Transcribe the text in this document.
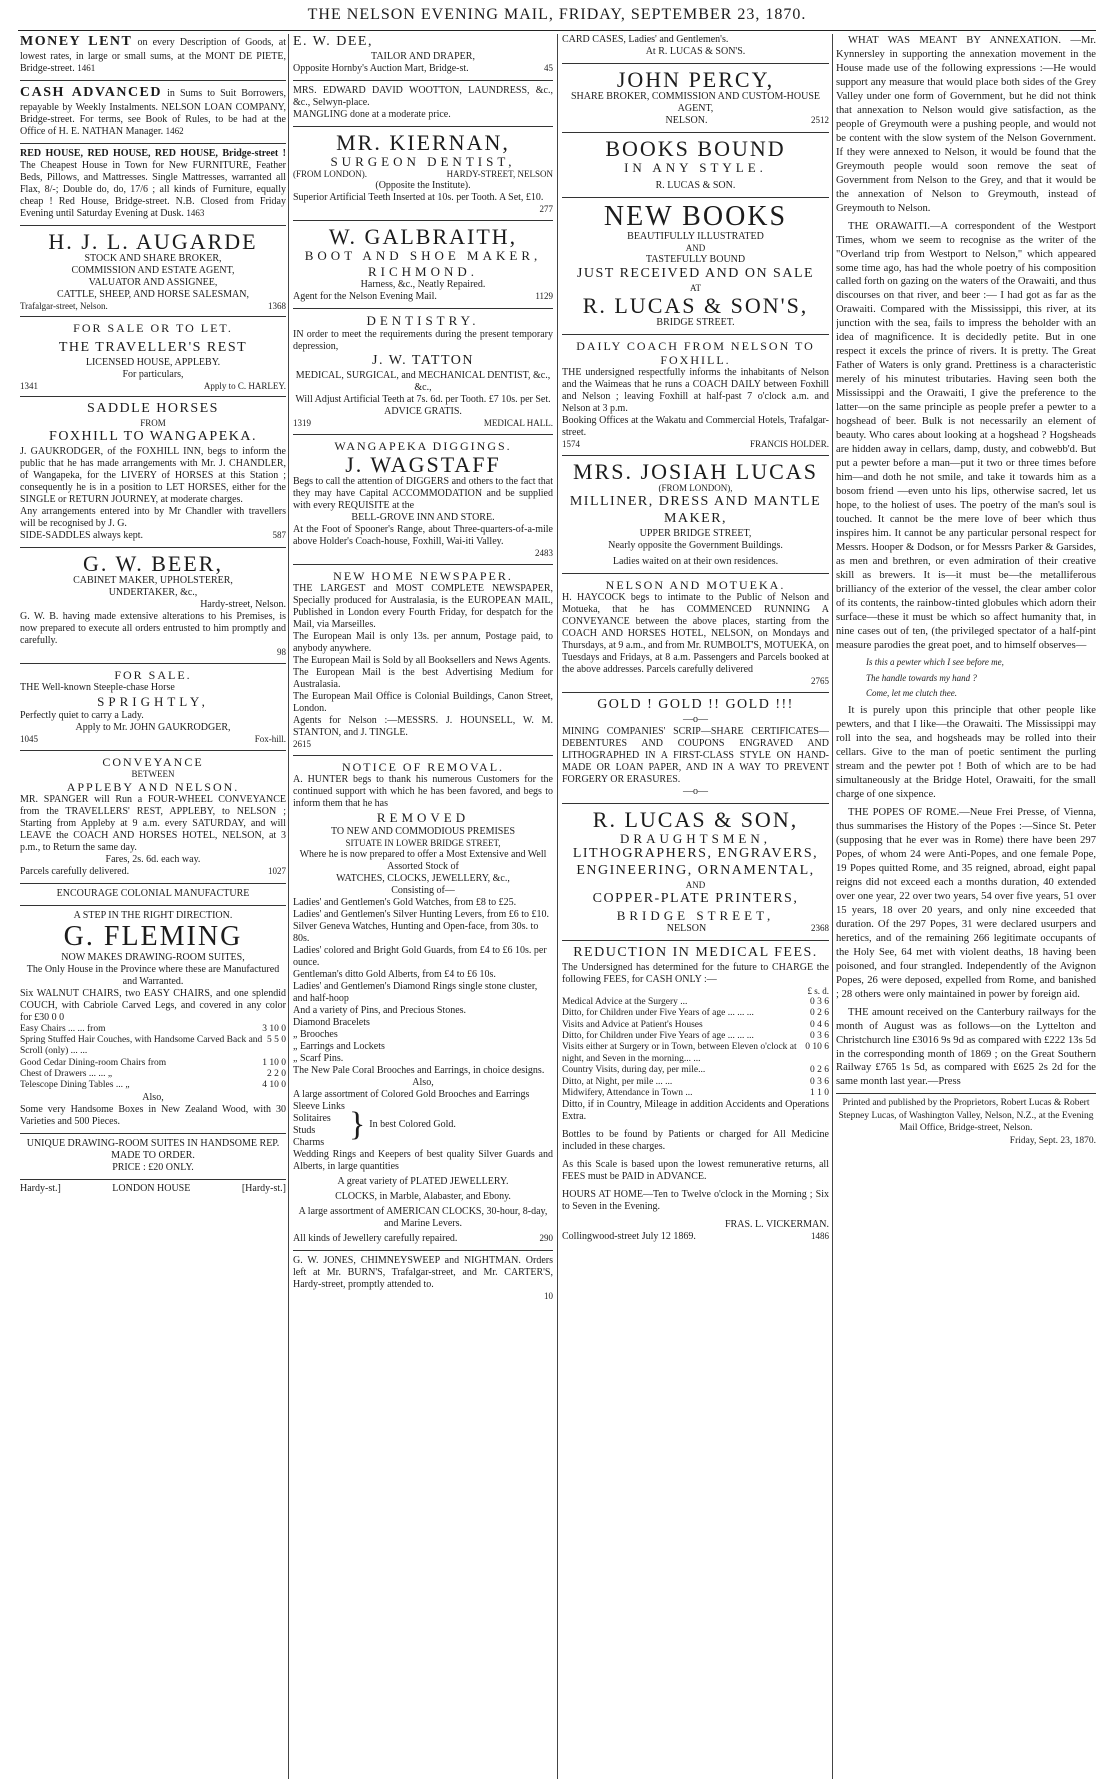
THE NELSON EVENING MAIL, FRIDAY, SEPTEMBER 23, 1870.

MONEY LENT on every Description of Goods, at lowest rates, in large or small sums, at the MONT DE PIETE, Bridge-street. 1461

CASH ADVANCED in Sums to Suit Borrowers, repayable by Weekly Instalments. NELSON LOAN COMPANY, Bridge-street. For terms, see Book of Rules, to be had at the Office of H. E. NATHAN Manager. 1462

RED HOUSE, RED HOUSE, RED HOUSE, Bridge-street ! The Cheapest House in Town for New FURNITURE, Feather Beds, Pillows, and Mattresses. Single Mattresses, warranted all Flax, 8/-; Double do, do, 17/6 ; all kinds of Furniture, equally cheap ! Red House, Bridge-street. N.B. Closed from Friday Evening until Saturday Evening at Dusk. 1463

H. J. L. AUGARDE
STOCK AND SHARE BROKER,
COMMISSION AND ESTATE AGENT,
VALUATOR AND ASSIGNEE,
CATTLE, SHEEP, AND HORSE SALESMAN,
Trafalgar-street, Nelson.	1368
FOR SALE OR TO LET.
THE TRAVELLER'S REST
LICENSED HOUSE, APPLEBY.
For particulars,
1341	Apply to C. HARLEY.
SADDLE HORSES
FROM
FOXHILL TO WANGAPEKA.

J. GAUKRODGER, of the FOXHILL INN, begs to inform the public that he has made arrangements with Mr. J. CHANDLER, of Wangapeka, for the LIVERY of HORSES at this Station ; consequently he is in a position to LET HORSES, either for the SINGLE or RETURN JOURNEY, at moderate charges.

Any arrangements entered into by Mr Chandler with travellers will be recognised by J. G.

SIDE-SADDLES always kept.	587
G. W. BEER,
CABINET MAKER, UPHOLSTERER,
UNDERTAKER, &c.,
Hardy-street, Nelson.

G. W. B. having made extensive alterations to his Premises, is now prepared to execute all orders entrusted to him promptly and carefully.

98
FOR SALE.

THE Well-known Steeple-chase Horse

SPRIGHTLY,

Perfectly quiet to carry a Lady.

Apply to Mr. JOHN GAUKRODGER,
1045	Fox-hill.
CONVEYANCE
BETWEEN
APPLEBY AND NELSON.

MR. SPANGER will Run a FOUR-WHEEL CONVEYANCE from the TRAVELLERS' REST, APPLEBY, to NELSON ; Starting from Appleby at 9 a.m. every SATURDAY, and will LEAVE the COACH AND HORSES HOTEL, NELSON, at 3 p.m., to Return the same day.

Fares, 2s. 6d. each way.
Parcels carefully delivered.	1027
ENCOURAGE COLONIAL MANUFACTURE
A STEP IN THE RIGHT DIRECTION.
G. FLEMING
NOW MAKES DRAWING-ROOM SUITES,

The Only House in the Province where these are Manufactured and Warranted.

Six WALNUT CHAIRS, two EASY CHAIRS, and one splendid COUCH, with Cabriole Carved Legs, and covered in any color for £30 0 0

Easy Chairs ... ... from	3 10 0
Spring Stuffed Hair Couches, with Handsome Carved Back and Scroll (only) ... ...
5 5 0
Good Cedar Dining-room Chairs from	1 10 0
Chest of Drawers ... ... „	2 2 0
Telescope Dining Tables ... „	4 10 0
Also,

Some very Handsome Boxes in New Zealand Wood, with 30 Varieties and 500 Pieces.

UNIQUE DRAWING-ROOM SUITES IN HANDSOME REP. MADE TO ORDER.
PRICE : £20 ONLY.
Hardy-st.]	LONDON HOUSE	[Hardy-st.]
E. W. DEE,
TAILOR AND DRAPER,
Opposite Hornby's Auction Mart, Bridge-st.	45

MRS. EDWARD DAVID WOOTTON, LAUNDRESS, &c., &c., Selwyn-place.

MANGLING done at a moderate price.

MR. KIERNAN,
SURGEON DENTIST,
(FROM LONDON).	HARDY-STREET, NELSON
(Opposite the Institute).

Superior Artificial Teeth Inserted at 10s. per Tooth. A Set, £10.

277
W. GALBRAITH,
BOOT AND SHOE MAKER,
RICHMOND.
Harness, &c., Neatly Repaired.
Agent for the Nelson Evening Mail.	1129
DENTISTRY.

IN order to meet the requirements during the present temporary depression,

J. W. TATTON

MEDICAL, SURGICAL, and MECHANICAL DENTIST, &c., &c.,

Will Adjust Artificial Teeth at 7s. 6d. per Tooth. £7 10s. per Set.

ADVICE GRATIS.
1319	MEDICAL HALL.
WANGAPEKA DIGGINGS.
J. WAGSTAFF

Begs to call the attention of DIGGERS and others to the fact that they may have Capital ACCOMMODATION and be supplied with every REQUISITE at the

BELL-GROVE INN AND STORE.

At the Foot of Spooner's Range, about Three-quarters-of-a-mile above Holder's Coach-house, Foxhill, Wai-iti Valley.

2483
NEW HOME NEWSPAPER.

THE LARGEST and MOST COMPLETE NEWSPAPER, Specially produced for Australasia, is the EUROPEAN MAIL, Published in London every Fourth Friday, for despatch for the Mail, via Marseilles.

The European Mail is only 13s. per annum, Postage paid, to anybody anywhere.

The European Mail is Sold by all Booksellers and News Agents.

The European Mail is the best Advertising Medium for Australasia.

The European Mail Office is Colonial Buildings, Canon Street, London.

Agents for Nelson :—MESSRS. J. HOUNSELL, W. M. STANTON, and J. TINGLE.

2615
NOTICE OF REMOVAL.

A. HUNTER begs to thank his numerous Customers for the continued support with which he has been favored, and begs to inform them that he has

REMOVED
TO NEW AND COMMODIOUS PREMISES
SITUATE IN LOWER BRIDGE STREET,

Where he is now prepared to offer a Most Extensive and Well Assorted Stock of

WATCHES, CLOCKS, JEWELLERY, &c.,
Consisting of—
Ladies' and Gentlemen's Gold Watches, from £8 to £25.
Ladies' and Gentlemen's Silver Hunting Levers, from £6 to £10.
Silver Geneva Watches, Hunting and Open-face, from 30s. to 80s.
Ladies' colored and Bright Gold Guards, from £4 to £6 10s. per ounce.
Gentleman's ditto Gold Alberts, from £4 to £6 10s.
Ladies' and Gentlemen's Diamond Rings single stone cluster, and half-hoop
And a variety of Pins, and Precious Stones.
Diamond Bracelets
„ Brooches
„ Earrings and Lockets
„ Scarf Pins.
The New Pale Coral Brooches and Earrings, in choice designs.
Also,

A large assortment of Colored Gold Brooches and Earrings

Sleeve Links
Solitaires
Studs
Charms } In best Colored Gold.

Wedding Rings and Keepers of best quality Silver Guards and Alberts, in large quantities

A great variety of PLATED JEWELLERY.

CLOCKS, in Marble, Alabaster, and Ebony.

A large assortment of AMERICAN CLOCKS, 30-hour, 8-day, and Marine Levers.

All kinds of Jewellery carefully repaired.	290

G. W. JONES, CHIMNEYSWEEP and NIGHTMAN. Orders left at Mr. BURN'S, Trafalgar-street, and Mr. CARTER'S, Hardy-street, promptly attended to.

10

CARD CASES, Ladies' and Gentlemen's.

At R. LUCAS & SON'S.
JOHN PERCY,
SHARE BROKER, COMMISSION AND CUSTOM-HOUSE AGENT,
NELSON.	2512
BOOKS BOUND
IN ANY STYLE.
R. LUCAS & SON.
NEW BOOKS
BEAUTIFULLY ILLUSTRATED
AND
TASTEFULLY BOUND
JUST RECEIVED AND ON SALE
AT
R. LUCAS & SON'S,
BRIDGE STREET.
DAILY COACH FROM NELSON TO FOXHILL.

THE undersigned respectfully informs the inhabitants of Nelson and the Waimeas that he runs a COACH DAILY between Foxhill and Nelson ; leaving Foxhill at half-past 7 o'clock a.m. and Nelson at 3 p.m.

Booking Offices at the Wakatu and Commercial Hotels, Trafalgar-street.

1574	FRANCIS HOLDER.
MRS. JOSIAH LUCAS
(FROM LONDON),
MILLINER, DRESS AND MANTLE MAKER,
UPPER BRIDGE STREET,
Nearly opposite the Government Buildings.
Ladies waited on at their own residences.
NELSON AND MOTUEKA.

H. HAYCOCK begs to intimate to the Public of Nelson and Motueka, that he has COMMENCED RUNNING A CONVEYANCE between the above places, starting from the COACH AND HORSES HOTEL, NELSON, on Mondays and Thursdays, at 9 a.m., and from Mr. RUMBOLT'S, MOTUEKA, on Tuesdays and Fridays, at 8 a.m. Passengers and Parcels booked at the above addresses. Parcels carefully delivered

2765
GOLD ! GOLD !! GOLD !!!
—o—

MINING COMPANIES' SCRIP—SHARE CERTIFICATES—DEBENTURES AND COUPONS ENGRAVED AND LITHOGRAPHED IN A FIRST-CLASS STYLE ON HAND-MADE OR LOAN PAPER, AND IN A WAY TO PREVENT FORGERY OR ERASURES.

—o—
R. LUCAS & SON,
DRAUGHTSMEN,
LITHOGRAPHERS, ENGRAVERS,
ENGINEERING, ORNAMENTAL,
AND
COPPER-PLATE PRINTERS,
BRIDGE STREET,
NELSON	2368
REDUCTION IN MEDICAL FEES.

The Undersigned has determined for the future to CHARGE the following FEES, for CASH ONLY :—

£ s. d.
Medical Advice at the Surgery ...	0 3 6
Ditto, for Children under Five Years of age ... ... ...	0 2 6
Visits and Advice at Patient's Houses	0 4 6
Ditto, for Children under Five Years of age ... ... ...	0 3 6
Visits either at Surgery or in Town, between Eleven o'clock at night, and Seven in the morning... ...
0 10 6
Country Visits, during day, per mile...	0 2 6
Ditto, at Night, per mile ... ...	0 3 6
Midwifery, Attendance in Town ...	1 1 0

Ditto, if in Country, Mileage in addition Accidents and Operations Extra.

Bottles to be found by Patients or charged for All Medicine included in these charges.

As this Scale is based upon the lowest remunerative returns, all FEES must be PAID in ADVANCE.

HOURS AT HOME—Ten to Twelve o'clock in the Morning ; Six to Seven in the Evening.

FRAS. L. VICKERMAN.
Collingwood-street July 12 1869.	1486

WHAT WAS MEANT BY ANNEXATION. —Mr. Kynnersley in supporting the annexation movement in the House made use of the following expressions :—He would support any measure that would place both sides of the Grey Valley under one form of Government, but he did not think that annexation to Nelson would give satisfaction, as the people of Greymouth were a pushing people, and would not be content with the slow system of the Nelson Government. If they were annexed to Nelson, it would be found that the Greymouth people would soon remove the seat of Government from Nelson to the Grey, and that it would be the annexation of Nelson to Greymouth, instead of Greymouth to Nelson.

THE ORAWAITI.—A correspondent of the Westport Times, whom we seem to recognise as the writer of the "Overland trip from Westport to Nelson," which appeared some time ago, has had the whole poetry of his composition called forth on gazing on the waters of the Orawaiti, and thus discourses on that river, and beer :— I had got as far as the Orawaiti. Compared with the Mississippi, this river, at its junction with the sea, fails to impress the beholder with an idea of magnificence. It is decidedly petite. But in one respect it excels the prince of rivers. It is pretty. The Great Father of Waters is only grand. Prettiness is a characteristic merely of his minutest tributaries. Having seen both the Mississippi and the Orawaiti, I give the preference to the latter—on the same principle as people prefer a pewter to a hogshead of beer. Bulk is not necessarily an element of beauty. Who cares about looking at a hogshead ? Hogsheads are hidden away in cellars, damp, dusty, and cobwebb'd. But put a pewter before a man—put it two or three times before him—and doth he not smile, and take it towards him as a bosom friend —even unto his lips, otherwise sacred, let us hope, to the holiest of uses. The poetry of the man's soul is touched. It cannot be the mere love of beer which thus inspires him. It cannot be any particular personal respect for Messrs. Hooper & Dodson, or for Messrs Parker & Garsides, as men and brethren, or even admiration of their creative skill as brewers. It is—it must be—the metalliferous brilliancy of the exterior of the vessel, the clear amber color of its contents, the rainbow-tinted globules which adorn their surface—these it must be which so affect humanity that, in nine cases out of ten, (the privileged spectator of a half-pint measure parodies the great poet, and to himself observes—

Is this a pewter which I see before me,

The handle towards my hand ?

Come, let me clutch thee.

It is purely upon this principle that other people like pewters, and that I like—the Orawaiti. The Mississippi may roll into the sea, and hogsheads may be rolled into their cellars. Give to the man of poetic sentiment the purling stream and the pewter pot ! Both of which are to be had simultaneously at the Bridge Hotel, Orawaiti, for the small charge of one sixpence.

THE POPES OF ROME.—Neue Frei Presse, of Vienna, thus summarises the History of the Popes :—Since St. Peter (supposing that he ever was in Rome) there have been 297 Popes, of whom 24 were Anti-Popes, and one female Pope, 19 Popes quitted Rome, and 35 reigned, abroad, eight papal reigns did not exceed each a months duration, 40 extended over one year, 22 over two years, 54 over five years, 51 over 15 years, 18 over 20 years, and only nine exceeded that duration. Of the 297 Popes, 31 were declared usurpers and heretics, and of the remaining 266 legitimate occupants of the Holy See, 64 met with violent deaths, 18 having been poisoned, and four strangled. Independently of the Avignon Popes, 26 were deposed, expelled from Rome, and banished ; 28 others were only maintained in power by foreign aid.

THE amount received on the Canterbury railways for the month of August was as follows—on the Lyttelton and Christchurch line £3016 9s 9d as compared with £222 13s 5d in the corresponding month of 1869 ; on the Great Southern Railway £765 1s 5d, as compared with £625 2s 2d for the same month last year.—Press

Printed and published by the Proprietors, Robert Lucas & Robert Stepney Lucas, of Washington Valley, Nelson, N.Z., at the Evening Mail Office, Bridge-street, Nelson.
Friday, Sept. 23, 1870.
